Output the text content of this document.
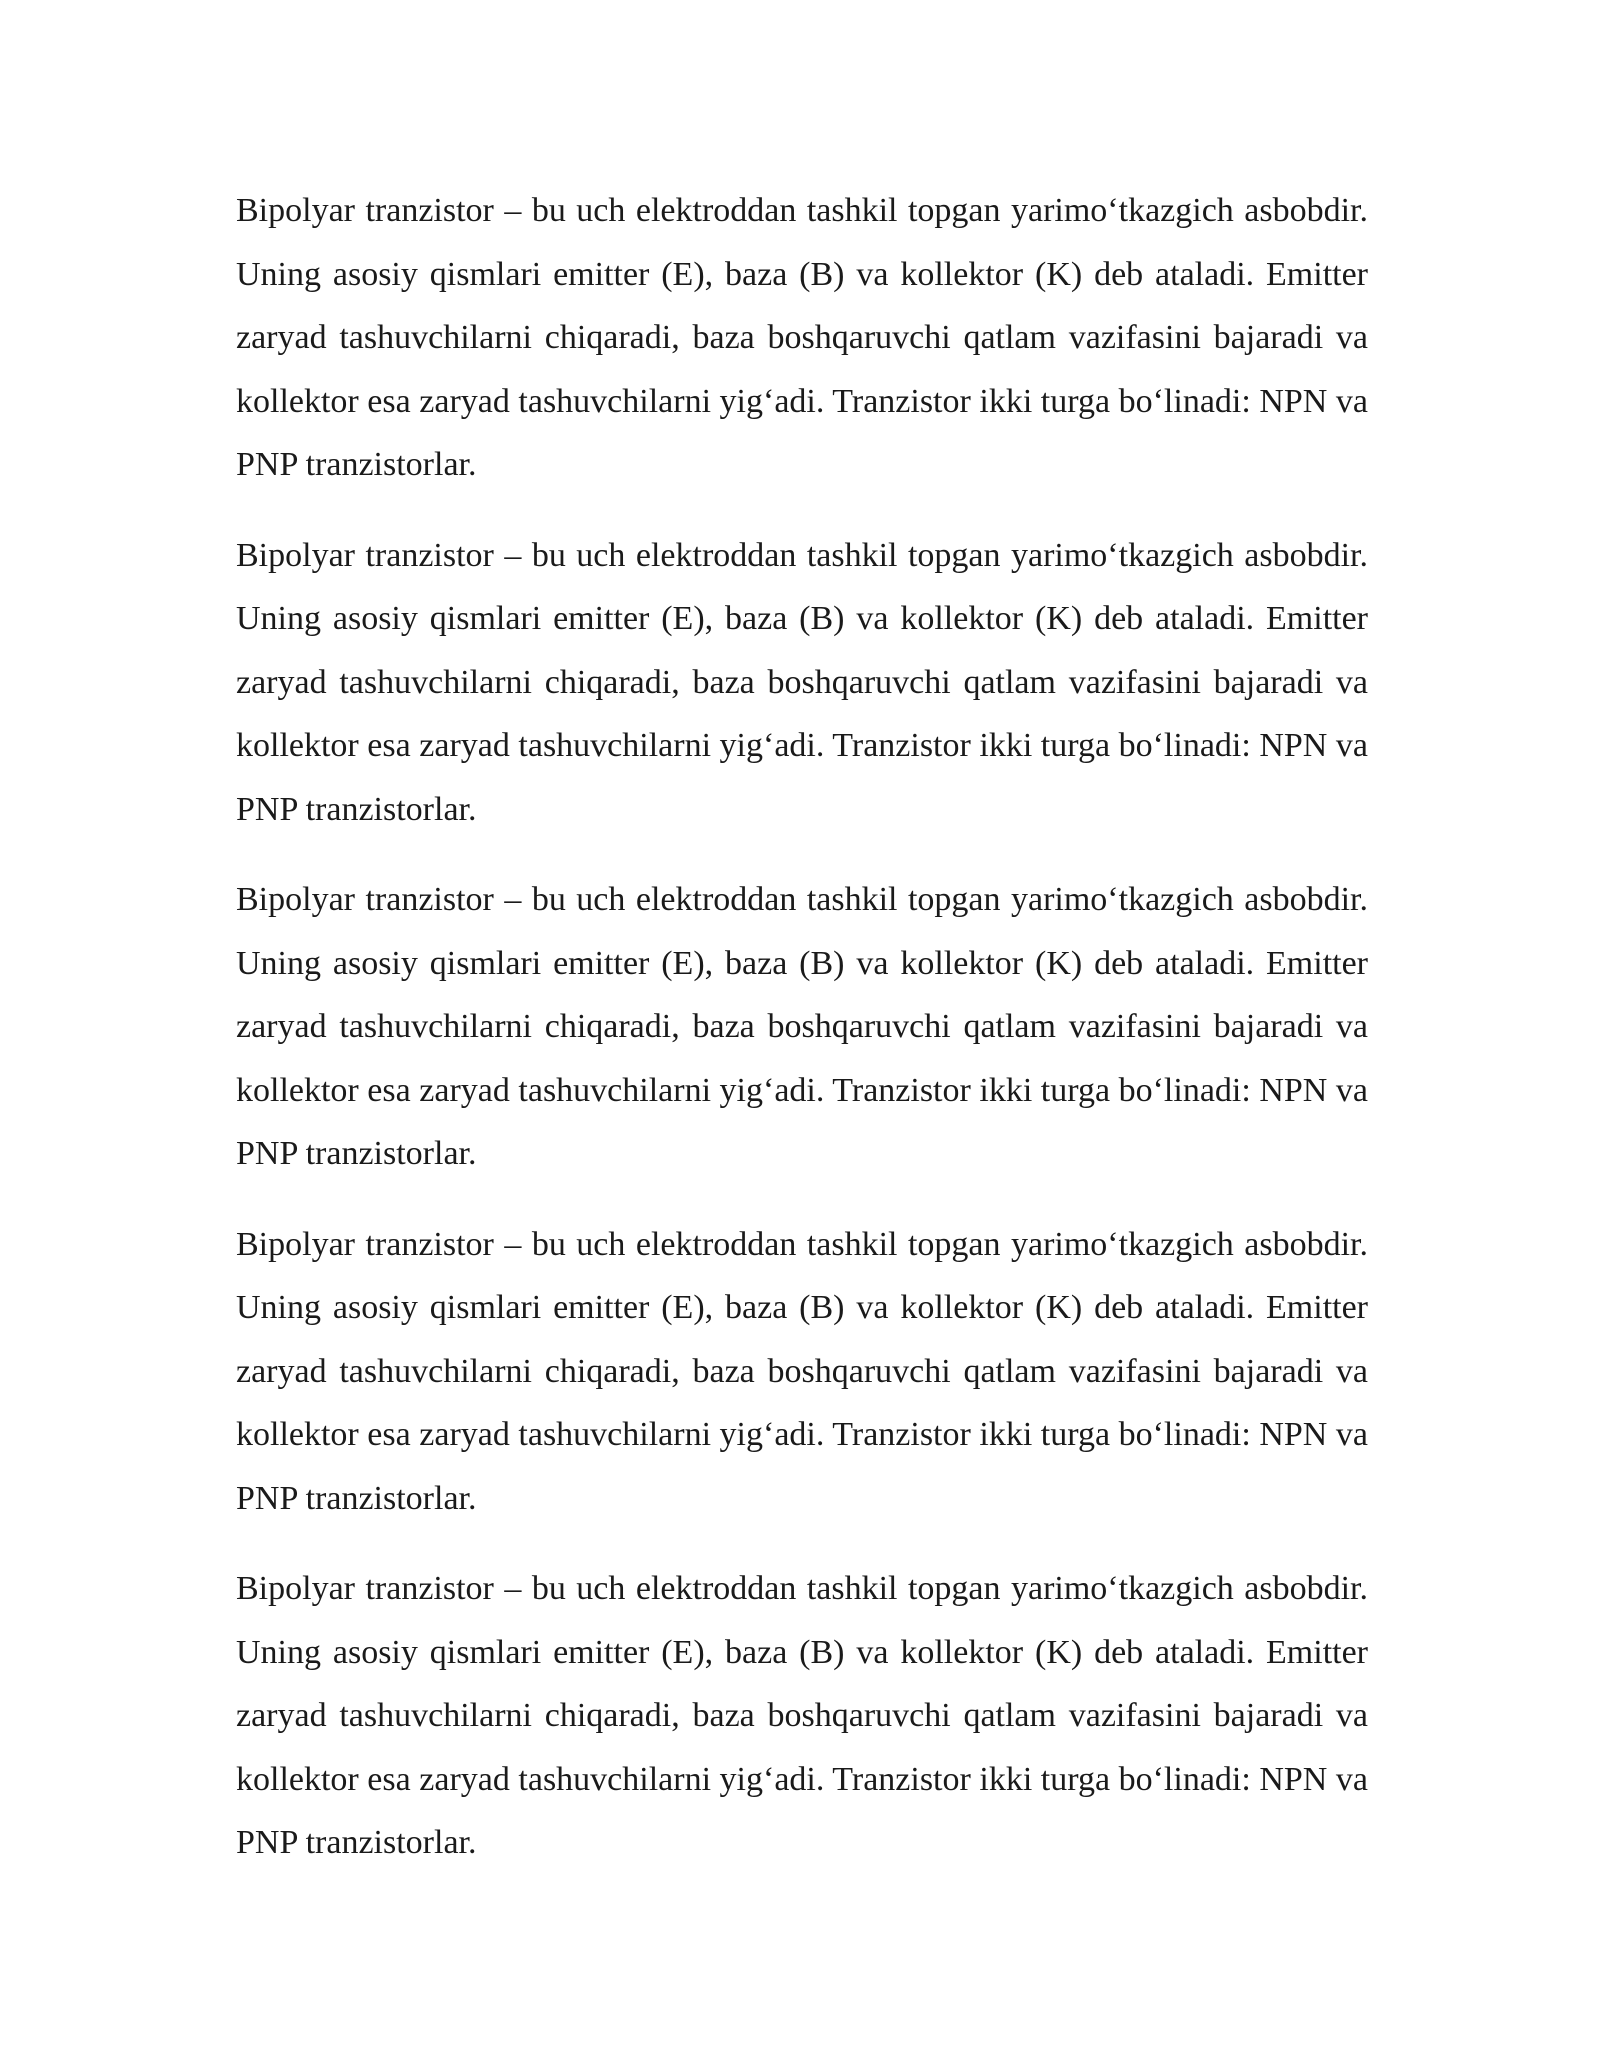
Bipolyar tranzistor – bu uch elektroddan tashkil topgan yarimo‘tkazgich asbobdir. Uning asosiy qismlari emitter (E), baza (B) va kollektor (K) deb ataladi. Emitter zaryad tashuvchilarni chiqaradi, baza boshqaruvchi qatlam vazifasini bajaradi va kollektor esa zaryad tashuvchilarni yig‘adi. Tranzistor ikki turga bo‘linadi: NPN va PNP tranzistorlar.

Bipolyar tranzistor – bu uch elektroddan tashkil topgan yarimo‘tkazgich asbobdir. Uning asosiy qismlari emitter (E), baza (B) va kollektor (K) deb ataladi. Emitter zaryad tashuvchilarni chiqaradi, baza boshqaruvchi qatlam vazifasini bajaradi va kollektor esa zaryad tashuvchilarni yig‘adi. Tranzistor ikki turga bo‘linadi: NPN va PNP tranzistorlar.

Bipolyar tranzistor – bu uch elektroddan tashkil topgan yarimo‘tkazgich asbobdir. Uning asosiy qismlari emitter (E), baza (B) va kollektor (K) deb ataladi. Emitter zaryad tashuvchilarni chiqaradi, baza boshqaruvchi qatlam vazifasini bajaradi va kollektor esa zaryad tashuvchilarni yig‘adi. Tranzistor ikki turga bo‘linadi: NPN va PNP tranzistorlar.

Bipolyar tranzistor – bu uch elektroddan tashkil topgan yarimo‘tkazgich asbobdir. Uning asosiy qismlari emitter (E), baza (B) va kollektor (K) deb ataladi. Emitter zaryad tashuvchilarni chiqaradi, baza boshqaruvchi qatlam vazifasini bajaradi va kollektor esa zaryad tashuvchilarni yig‘adi. Tranzistor ikki turga bo‘linadi: NPN va PNP tranzistorlar.

Bipolyar tranzistor – bu uch elektroddan tashkil topgan yarimo‘tkazgich asbobdir. Uning asosiy qismlari emitter (E), baza (B) va kollektor (K) deb ataladi. Emitter zaryad tashuvchilarni chiqaradi, baza boshqaruvchi qatlam vazifasini bajaradi va kollektor esa zaryad tashuvchilarni yig‘adi. Tranzistor ikki turga bo‘linadi: NPN va PNP tranzistorlar.
